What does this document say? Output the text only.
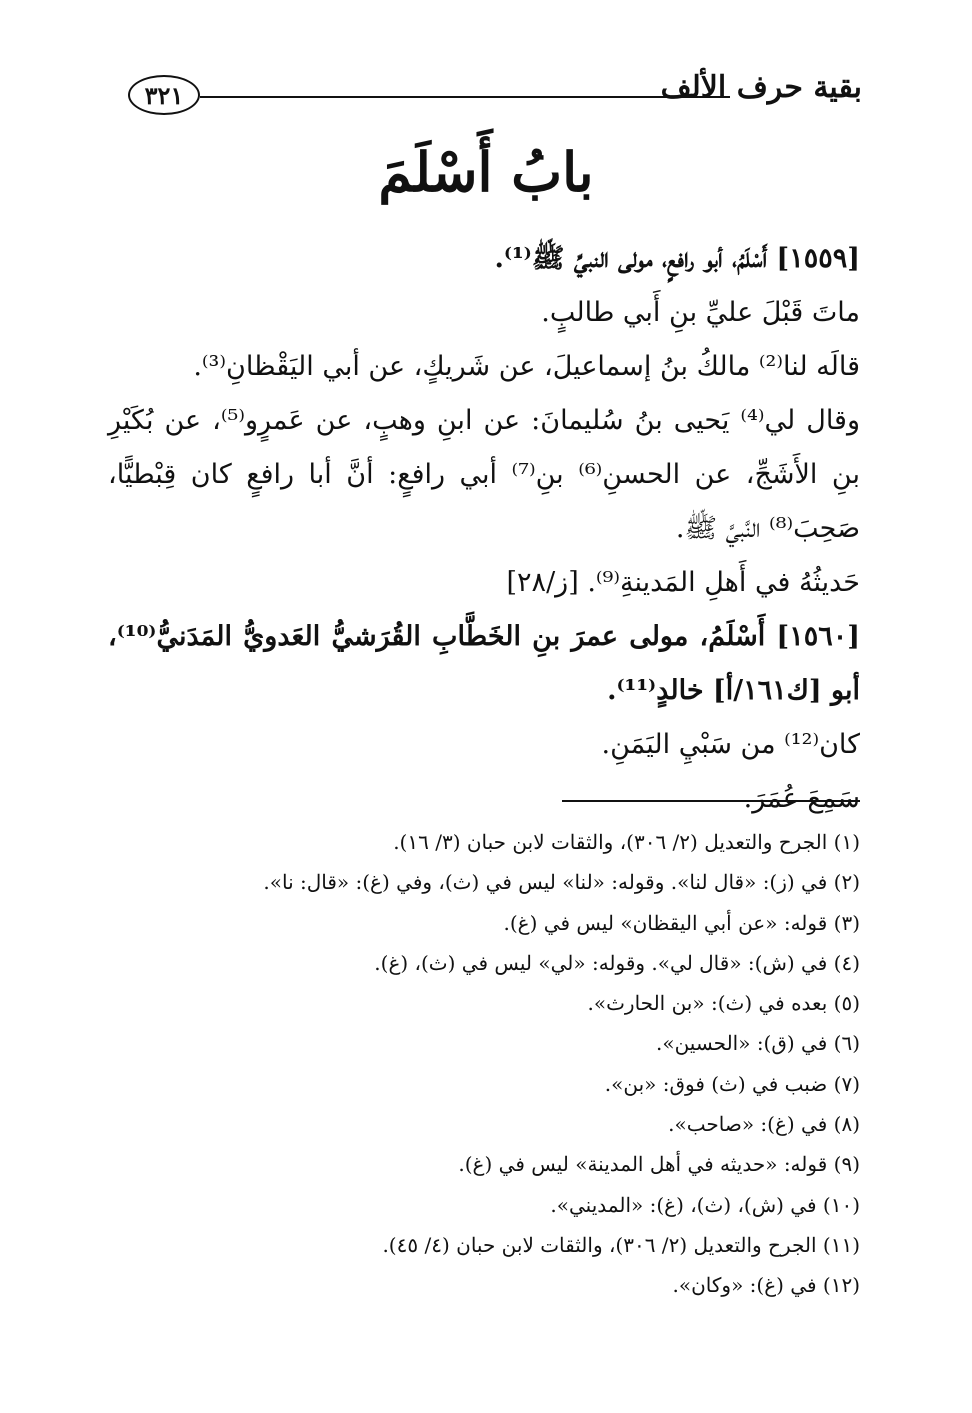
بقية حرف الألف
٣٢١
بابُ أَسْلَمَ

[١٥٥٩] أَسْلَمُ، أبو رافعٍ، مولى النبيِّ ﷺ⁽¹⁾.

ماتَ قَبْلَ عليِّ بنِ أَبي طالبٍ.

قالَه لنا⁽²⁾ مالكُ بنُ إسماعيلَ، عن شَريكٍ، عن أبي اليَقْظانِ⁽³⁾.

وقال لي⁽⁴⁾ يَحيى بنُ سُليمانَ: عن ابنِ وهبٍ، عن عَمرٍو⁽⁵⁾، عن بُكَيْرِ بنِ الأَشَجِّ، عن الحسنِ⁽⁶⁾ بنِ⁽⁷⁾ أبي رافعٍ: أنَّ أبا رافعٍ كان قِبْطيًّا، صَحِبَ⁽⁸⁾ النَّبيَّ ﷺ.

حَديثُهُ في أَهلِ المَدينةِ⁽⁹⁾. [ز/٢٨]

[١٥٦٠] أَسْلَمُ، مولى عمرَ بنِ الخَطَّابِ القُرَشيُّ العَدويُّ المَدَنيُّ⁽¹⁰⁾، أبو [ك١٦١/أ] خالدٍ⁽¹¹⁾.

كان⁽¹²⁾ من سَبْيِ اليَمَنِ.

سَمِعَ عُمَرَ.

(١) الجرح والتعديل (٢/ ٣٠٦)، والثقات لابن حبان (٣/ ١٦).
(٢) في (ز): «قال لنا». وقوله: «لنا» ليس في (ث)، وفي (غ): «قال: نا».
(٣) قوله: «عن أبي اليقظان» ليس في (غ).
(٤) في (ش): «قال لي». وقوله: «لي» ليس في (ث)، (غ).
(٥) بعده في (ث): «بن الحارث».
(٦) في (ق): «الحسين».
(٧) ضبب في (ث) فوق: «بن».
(٨) في (غ): «صاحب».
(٩) قوله: «حديثه في أهل المدينة» ليس في (غ).
(١٠) في (ش)، (ث)، (غ): «المديني».
(١١) الجرح والتعديل (٢/ ٣٠٦)، والثقات لابن حبان (٤/ ٤٥).
(١٢) في (غ): «وكان».
